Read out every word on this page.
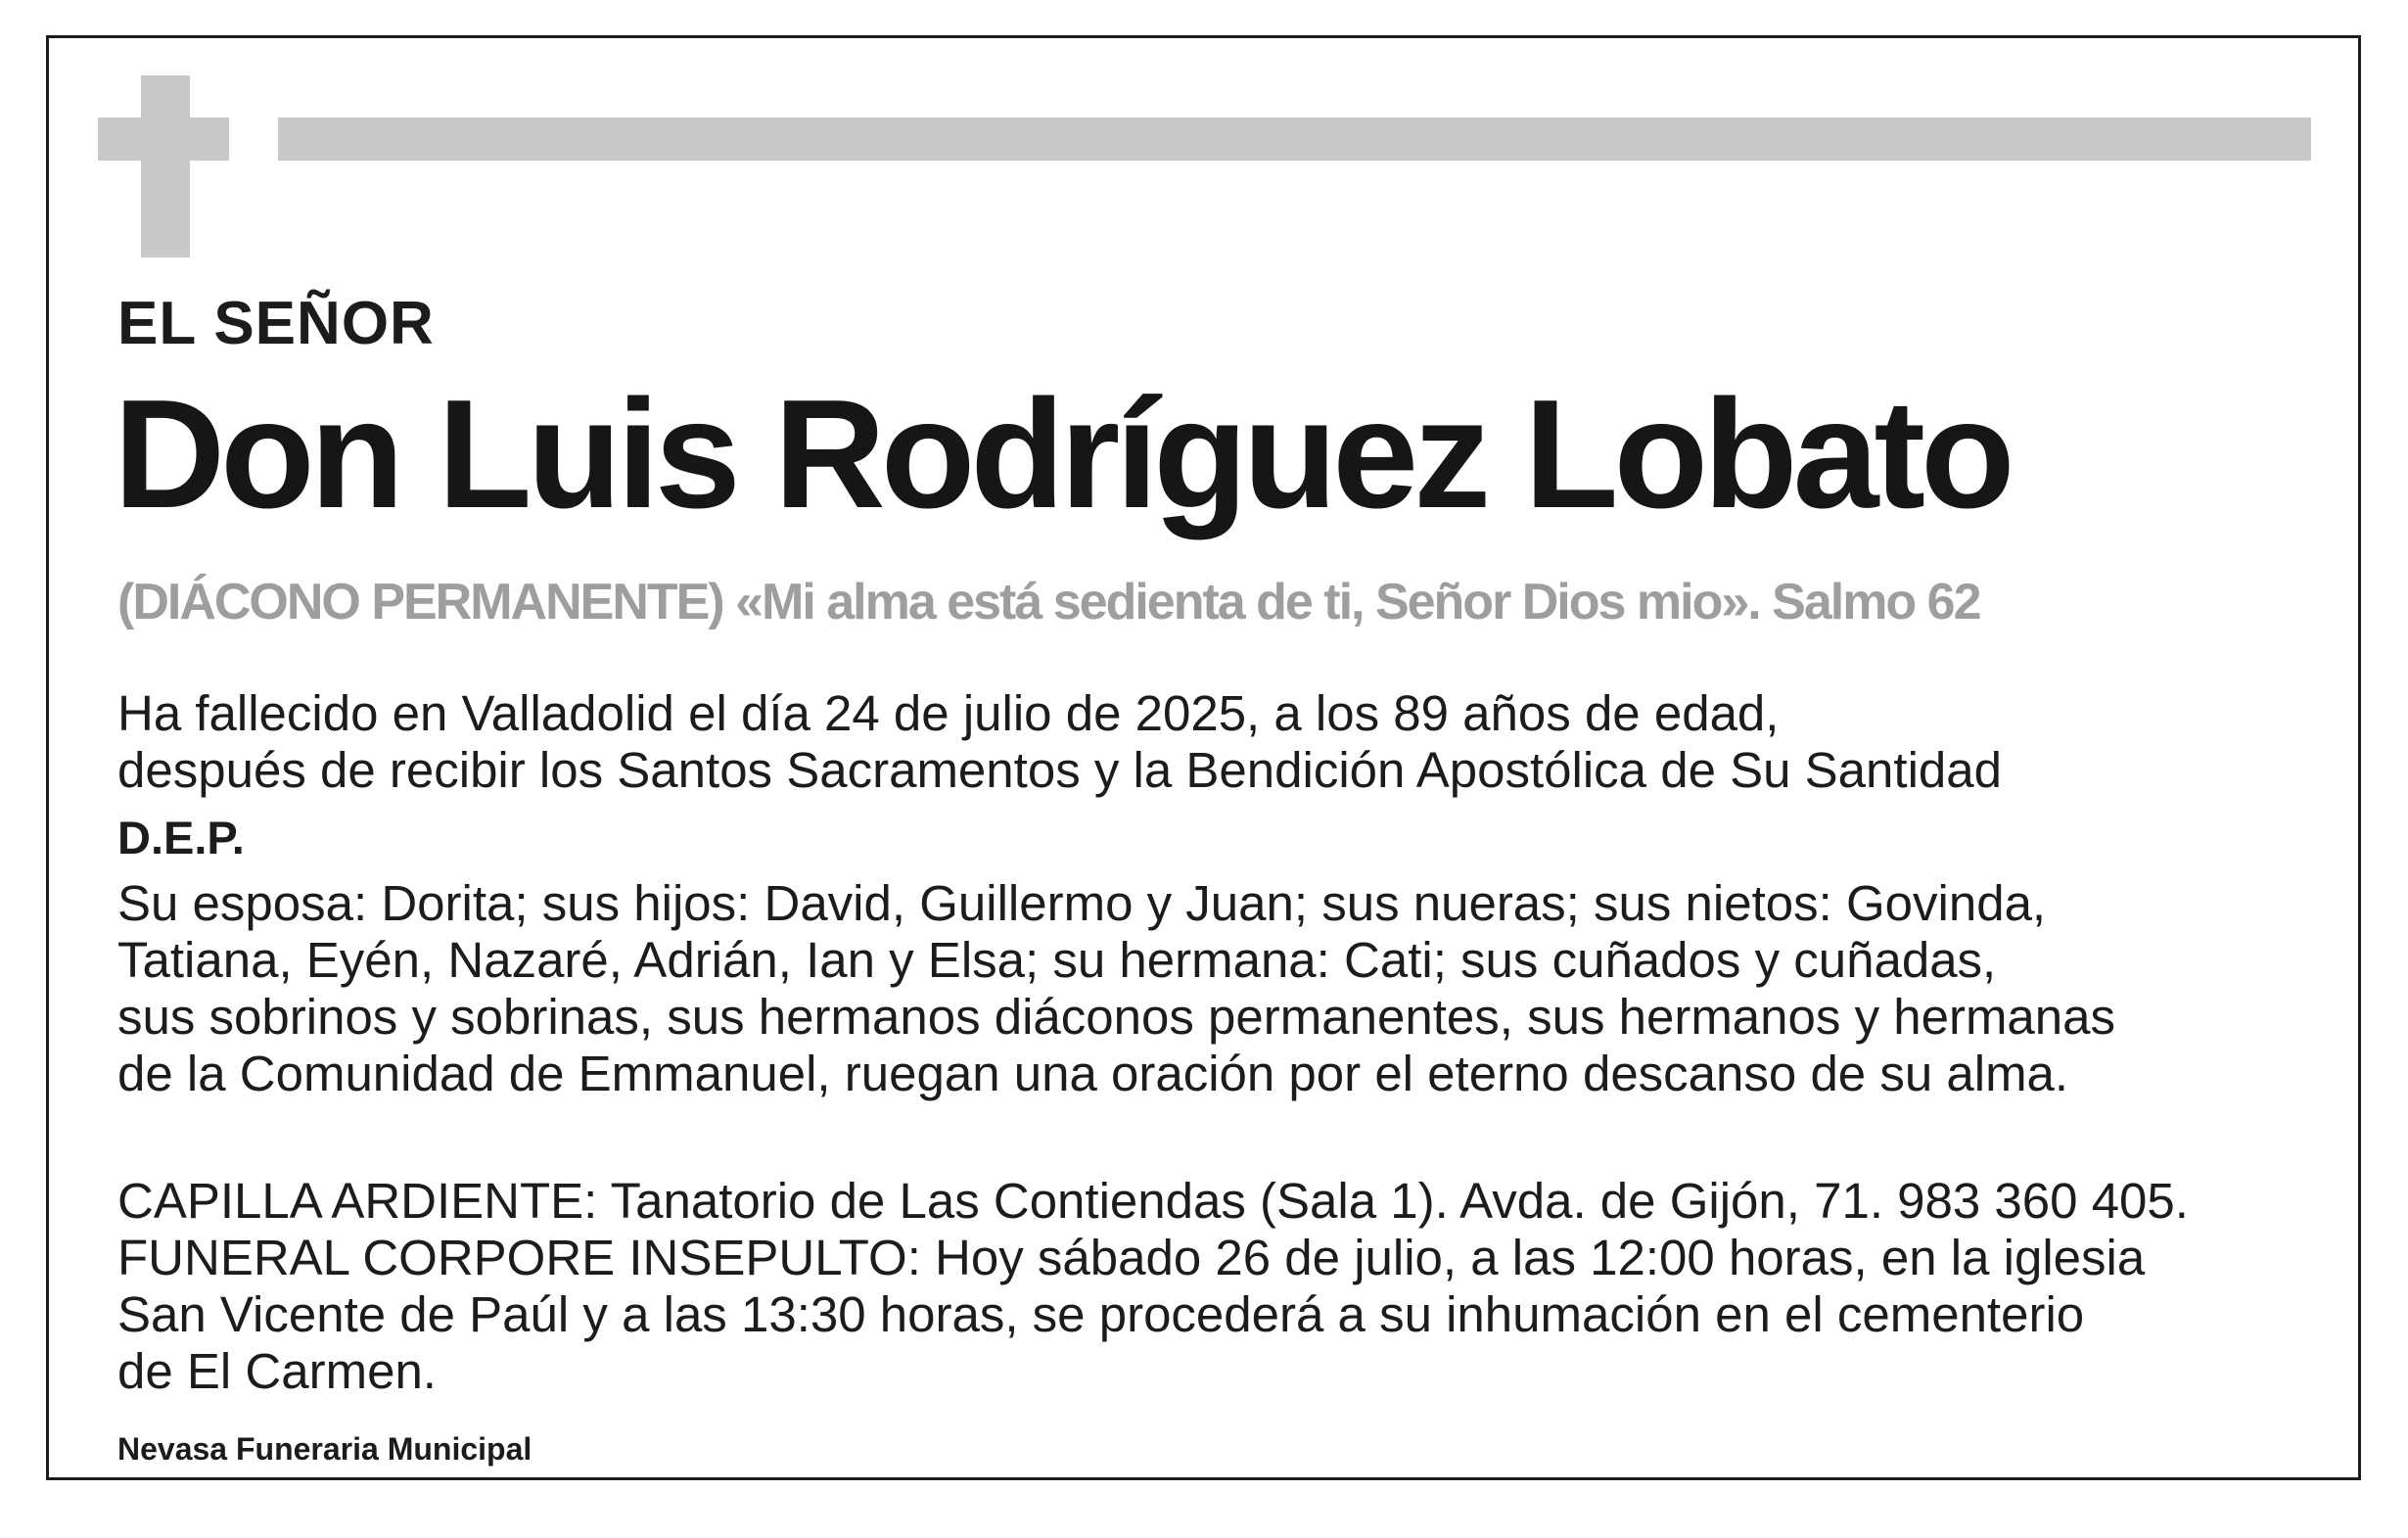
EL SEÑOR
Don Luis Rodríguez Lobato
(DIÁCONO PERMANENTE) «Mi alma está sedienta de ti, Señor Dios mio». Salmo 62
Ha fallecido en Valladolid el día 24 de julio de 2025, a los 89 años de edad,
después de recibir los Santos Sacramentos y la Bendición Apostólica de Su Santidad
D.E.P.
Su esposa: Dorita; sus hijos: David, Guillermo y Juan; sus nueras; sus nietos: Govinda,
Tatiana, Eyén, Nazaré, Adrián, Ian y Elsa; su hermana: Cati; sus cuñados y cuñadas,
sus sobrinos y sobrinas, sus hermanos diáconos permanentes, sus hermanos y hermanas
de la Comunidad de Emmanuel, ruegan una oración por el eterno descanso de su alma.
CAPILLA ARDIENTE: Tanatorio de Las Contiendas (Sala 1). Avda. de Gijón, 71. 983 360 405.
FUNERAL CORPORE INSEPULTO: Hoy sábado 26 de julio, a las 12:00 horas, en la iglesia
San Vicente de Paúl y a las 13:30 horas, se procederá a su inhumación en el cementerio
de El Carmen.
Nevasa Funeraria Municipal
